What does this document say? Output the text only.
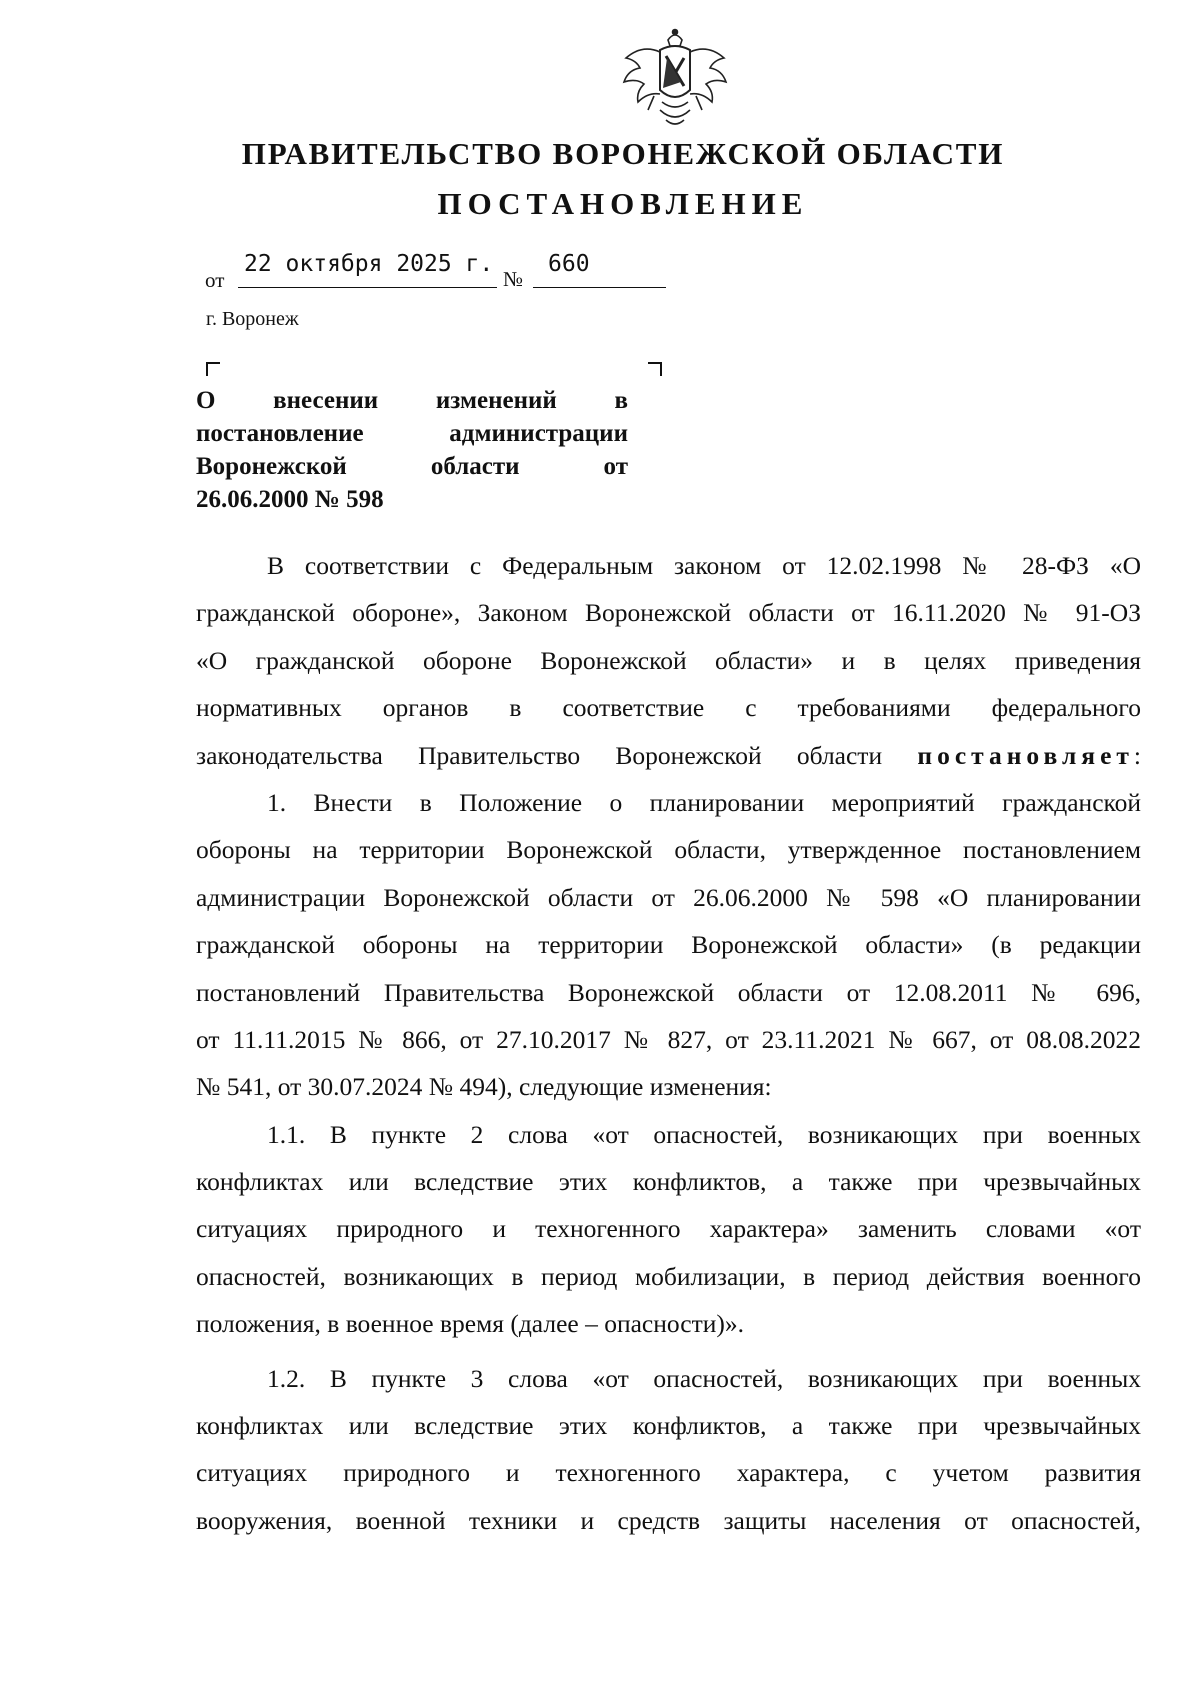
ПРАВИТЕЛЬСТВО ВОРОНЕЖСКОЙ ОБЛАСТИ
ПОСТАНОВЛЕНИЕ
от
22 октября 2025 г.
№
660
г. Воронеж
О внесении изменений в
постановление администрации
Воронежской области от
26.06.2000 № 598
В соответствии с Федеральным законом от 12.02.1998 № 28-ФЗ «О
гражданской обороне», Законом Воронежской области от 16.11.2020 № 91-ОЗ
«О гражданской обороне Воронежской области» и в целях приведения
нормативных органов в соответствие с требованиями федерального
законодательства Правительство Воронежской области постановляет:
1. Внести в Положение о планировании мероприятий гражданской
обороны на территории Воронежской области, утвержденное постановлением
администрации Воронежской области от 26.06.2000 № 598 «О планировании
гражданской обороны на территории Воронежской области» (в редакции
постановлений Правительства Воронежской области от 12.08.2011 № 696,
от 11.11.2015 № 866, от 27.10.2017 № 827, от 23.11.2021 № 667, от 08.08.2022
№ 541, от 30.07.2024 № 494), следующие изменения:
1.1. В пункте 2 слова «от опасностей, возникающих при военных
конфликтах или вследствие этих конфликтов, а также при чрезвычайных
ситуациях природного и техногенного характера» заменить словами «от
опасностей, возникающих в период мобилизации, в период действия военного
положения, в военное время (далее – опасности)».
1.2. В пункте 3 слова «от опасностей, возникающих при военных
конфликтах или вследствие этих конфликтов, а также при чрезвычайных
ситуациях природного и техногенного характера, с учетом развития
вооружения, военной техники и средств защиты населения от опасностей,
